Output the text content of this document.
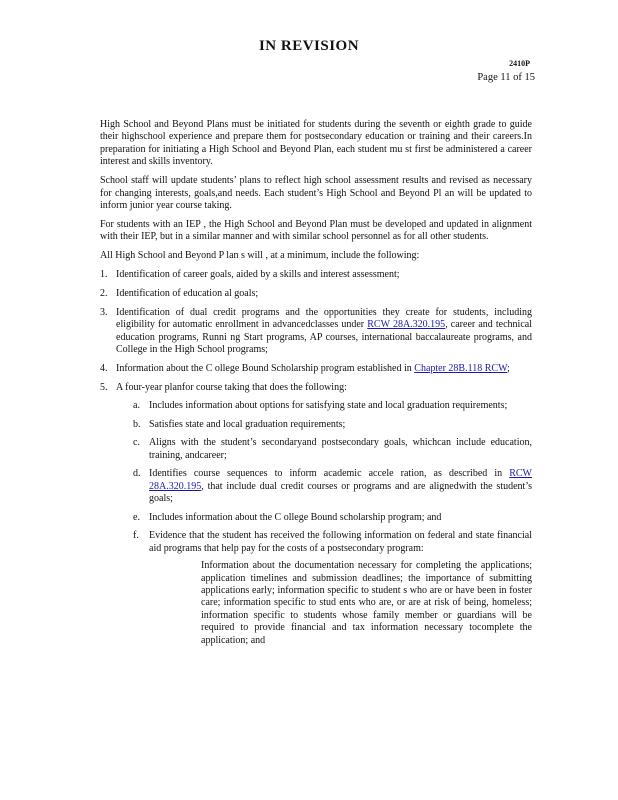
IN REVISION
2410P
Page 11 of 15

High School and Beyond Plans must be initiated for students during the seventh or eighth grade to guide their highschool experience and prepare them for postsecondary education or training and their careers.In preparation for initiating a High School and Beyond Plan, each student mu st first be administered a career interest and skills inventory.

School staff will update students’ plans to reflect high school assessment results and revised as necessary for changing interests, goals,and needs. Each student’s High School and Beyond Pl an will be updated to inform junior year course taking.

For students with an IEP , the High School and Beyond Plan must be developed and updated in alignment with their IEP, but in a similar manner and with similar school personnel as for all other students.

All High School and Beyond P lan s will , at a minimum, include the following:

1. Identification of career goals, aided by a skills and interest assessment;
2. Identification of education al goals;
3. Identification of dual credit programs and the opportunities they create for students, including eligibility for automatic enrollment in advancedclasses under RCW 28A.320.195, career and technical education programs, Runni ng Start programs, AP courses, international baccalaureate programs, and College in the High School programs;
4. Information about the C ollege Bound Scholarship program established in Chapter 28B.118 RCW;
5. A four-year planfor course taking that does the following:
a. Includes information about options for satisfying state and local graduation requirements;
b. Satisfies state and local graduation requirements;
c. Aligns with the student’s secondaryand postsecondary goals, whichcan include education, training, andcareer;
d. Identifies course sequences to inform academic accele ration, as described in RCW 28A.320.195, that include dual credit courses or programs and are alignedwith the student’s goals;
e. Includes information about the C ollege Bound scholarship program; and
f. Evidence that the student has received the following information on federal and state financial aid programs that help pay for the costs of a postsecondary program:
Information about the documentation necessary for completing the applications; application timelines and submission deadlines; the importance of submitting applications early; information specific to student s who are or have been in foster care; information specific to stud ents who are, or are at risk of being, homeless; information specific to students whose family member or guardians will be required to provide financial and tax information necessary tocomplete the application; and
